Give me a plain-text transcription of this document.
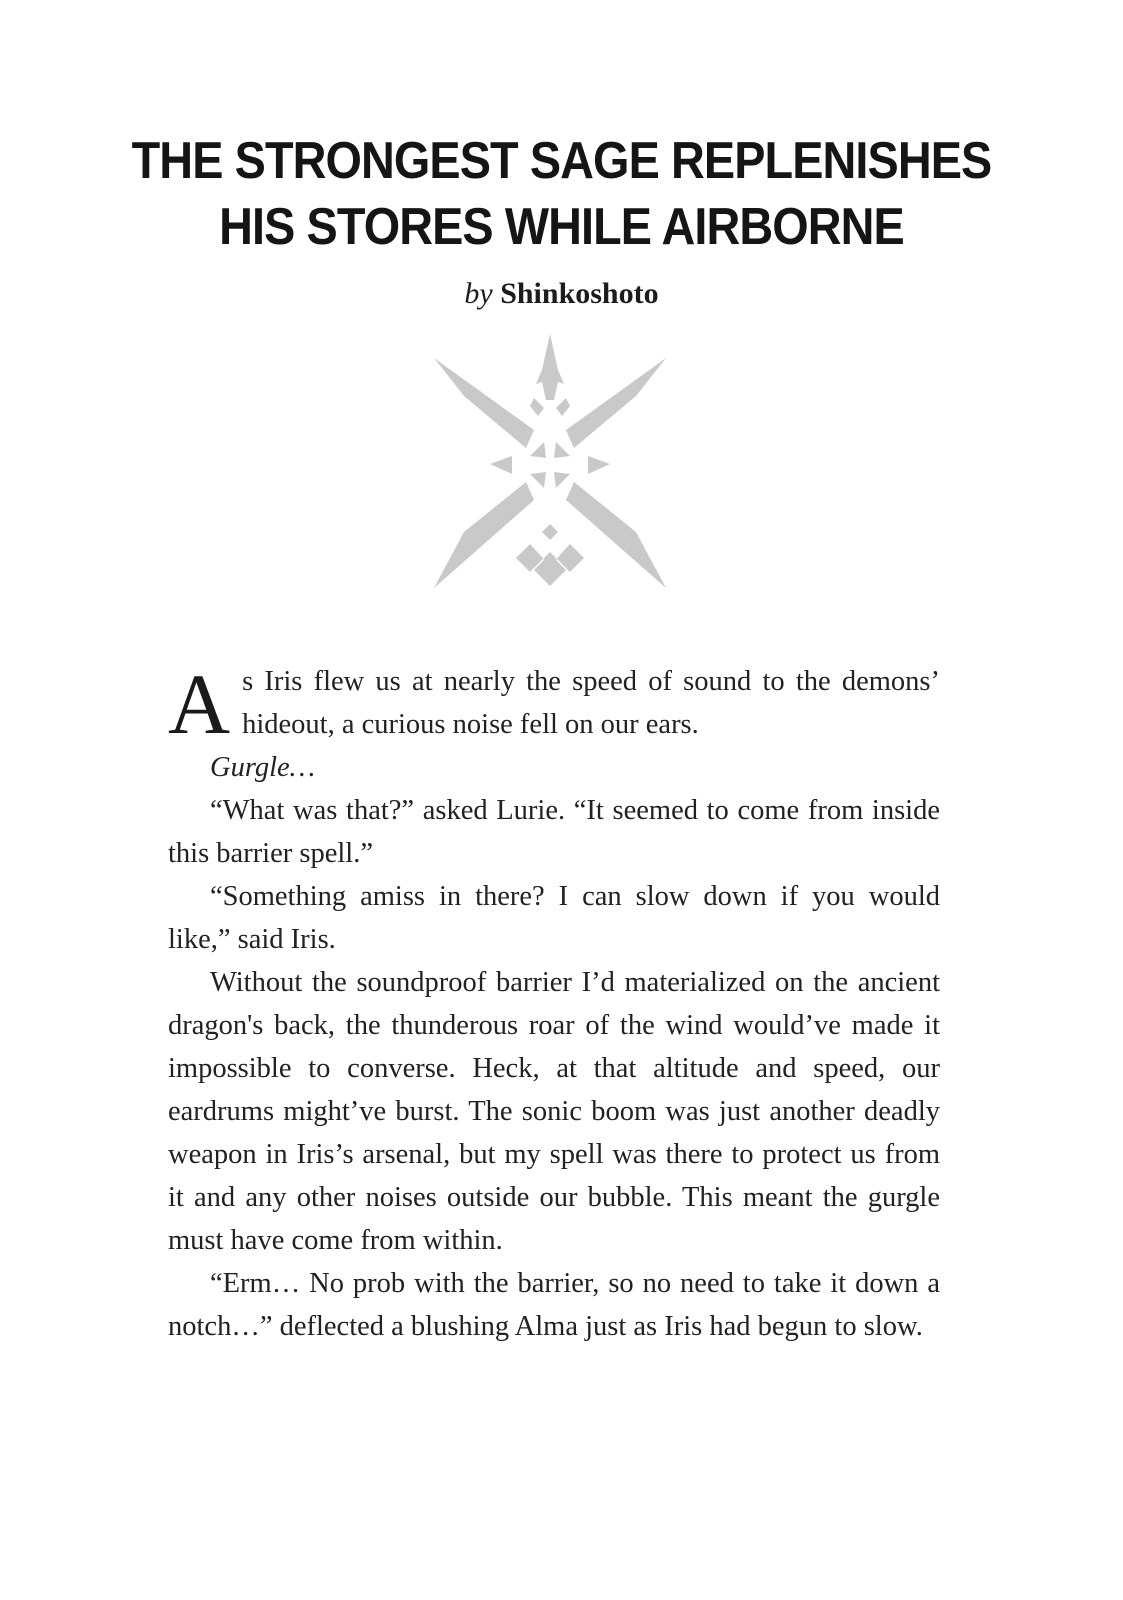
THE STRONGEST SAGE REPLENISHES
HIS STORES WHILE AIRBORNE
by Shinkoshoto

As Iris flew us at nearly the speed of sound to the demons’ hideout, a curious noise fell on our ears.

Gurgle…

“What was that?” asked Lurie. “It seemed to come from inside this barrier spell.”

“Something amiss in there? I can slow down if you would like,” said Iris.

Without the soundproof barrier I’d materialized on the ancient dragon's back, the thunderous roar of the wind would’ve made it impossible to converse. Heck, at that altitude and speed, our eardrums might’ve burst. The sonic boom was just another deadly weapon in Iris’s arsenal, but my spell was there to protect us from it and any other noises outside our bubble. This meant the gurgle must have come from within.

“Erm… No prob with the barrier, so no need to take it down a notch…” deflected a blushing Alma just as Iris had begun to slow.
